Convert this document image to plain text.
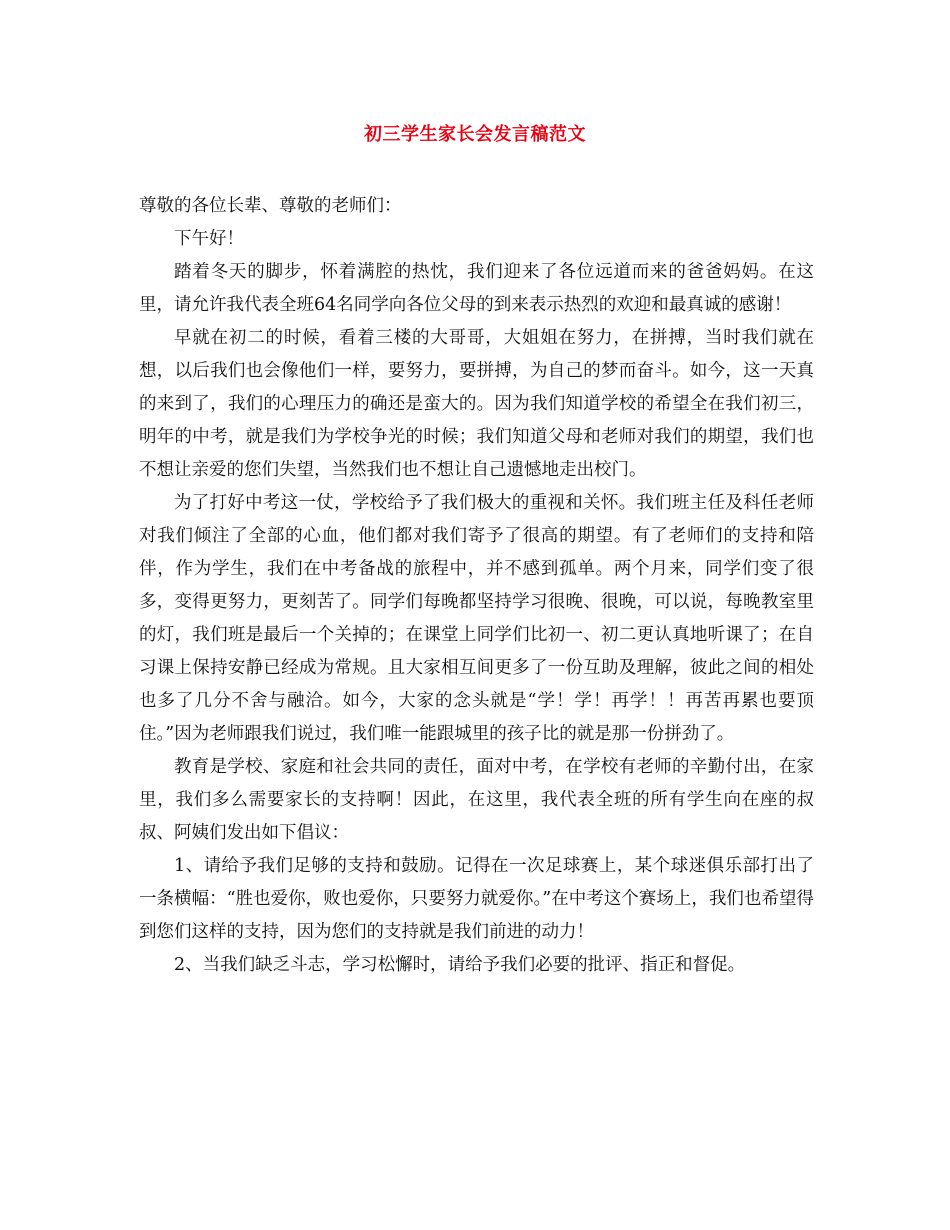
初三学生家长会发言稿范文

尊敬的各位长辈、尊敬的老师们：

下午好！

踏着冬天的脚步，怀着满腔的热忱，我们迎来了各位远道而来的爸爸妈妈。在这里，请允许我代表全班64名同学向各位父母的到来表示热烈的欢迎和最真诚的感谢！

早就在初二的时候，看着三楼的大哥哥，大姐姐在努力，在拼搏，当时我们就在想，以后我们也会像他们一样，要努力，要拼搏，为自己的梦而奋斗。如今，这一天真的来到了，我们的心理压力的确还是蛮大的。因为我们知道学校的希望全在我们初三，明年的中考，就是我们为学校争光的时候；我们知道父母和老师对我们的期望，我们也不想让亲爱的您们失望，当然我们也不想让自己遗憾地走出校门。

为了打好中考这一仗，学校给予了我们极大的重视和关怀。我们班主任及科任老师对我们倾注了全部的心血，他们都对我们寄予了很高的期望。有了老师们的支持和陪伴，作为学生，我们在中考备战的旅程中，并不感到孤单。两个月来，同学们变了很多，变得更努力，更刻苦了。同学们每晚都坚持学习很晚、很晚，可以说，每晚教室里的灯，我们班是最后一个关掉的；在课堂上同学们比初一、初二更认真地听课了；在自习课上保持安静已经成为常规。且大家相互间更多了一份互助及理解，彼此之间的相处也多了几分不舍与融洽。如今，大家的念头就是“学！学！再学！！再苦再累也要顶住。”因为老师跟我们说过，我们唯一能跟城里的孩子比的就是那一份拼劲了。

教育是学校、家庭和社会共同的责任，面对中考，在学校有老师的辛勤付出，在家里，我们多么需要家长的支持啊！因此，在这里，我代表全班的所有学生向在座的叔叔、阿姨们发出如下倡议：

1、请给予我们足够的支持和鼓励。记得在一次足球赛上，某个球迷俱乐部打出了一条横幅：“胜也爱你，败也爱你，只要努力就爱你。”在中考这个赛场上，我们也希望得到您们这样的支持，因为您们的支持就是我们前进的动力！

2、当我们缺乏斗志，学习松懈时，请给予我们必要的批评、指正和督促。
